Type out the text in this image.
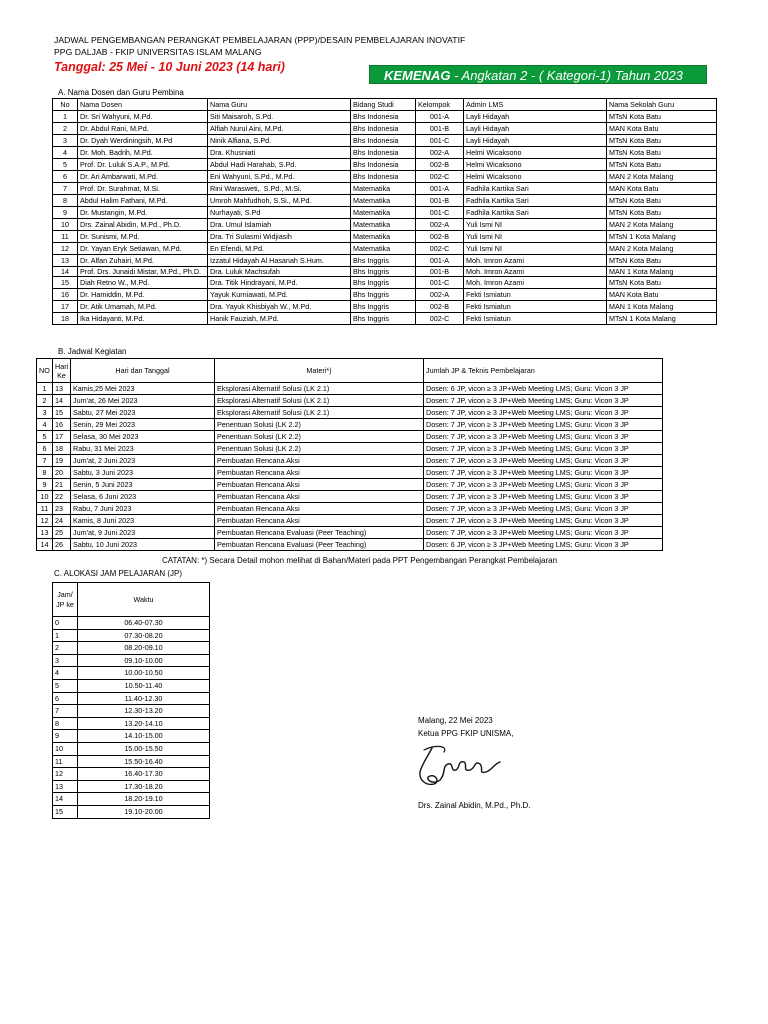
JADWAL PENGEMBANGAN PERANGKAT PEMBELAJARAN (PPP)/DESAIN PEMBELAJARAN INOVATIF
PPG DALJAB - FKIP UNIVERSITAS ISLAM MALANG
Tanggal: 25 Mei - 10 Juni 2023 (14 hari)
KEMENAG - Angkatan 2 - ( Kategori-1) Tahun 2023
A. Nama Dosen dan Guru Pembina
No	Nama Dosen	Nama Guru	Bidang Studi	Kelompok	Admin LMS	Nama Sekolah Guru
1	Dr. Sri Wahyuni, M.Pd.	Siti Maisaroh, S.Pd.	Bhs Indonesia	001-A	Layli Hidayah	MTsN Kota Batu
2	Dr. Abdul Rani, M.Pd.	Alfiah Nurul Aini, M.Pd.	Bhs Indonesia	001-B	Layli Hidayah	MAN Kota Batu
3	Dr. Dyah Werdiningsih, M.Pd	Ninik Alfiana, S.Pd.	Bhs Indonesia	001-C	Layli Hidayah	MTsN Kota Batu
4	Dr. Moh. Badrih, M.Pd.	Dra. Khusniati	Bhs Indonesia	002-A	Helmi Wicaksono	MTsN Kota Batu
5	Prof. Dr. Luluk S.A.P., M.Pd.	Abdul Hadi Harahab, S.Pd.	Bhs Indonesia	002-B	Helmi Wicaksono	MTsN Kota Batu
6	Dr. Ari Ambarwati, M.Pd.	Eni Wahyuni, S.Pd., M.Pd.	Bhs Indonesia	002-C	Helmi Wicaksono	MAN 2 Kota Malang
7	Prof. Dr. Surahmat, M.Si.	Rini Warasweti,. S.Pd., M.Si.	Matematika	001-A	Fadhila Kartika Sari	MAN Kota Batu
8	Abdul Halim Fathani, M.Pd.	Umroh Mahfudhoh, S.Si., M.Pd.	Matematika	001-B	Fadhila Kartika Sari	MTsN Kota Batu
9	Dr. Mustangin, M.Pd.	Nurhayati, S.Pd	Matematika	001-C	Fadhila Kartika Sari	MTsN Kota Batu
10	Drs. Zainal Abidin, M.Pd., Ph.D.	Dra. Umul Islamiah	Matematika	002-A	Yuli Ismi NI	MAN 2 Kota Malang
11	Dr. Sunismi, M.Pd.	Dra. Tri Sulasmi Widjiasih	Matematika	002-B	Yuli Ismi NI	MTsN 1 Kota Malang
12	Dr. Yayan Eryk Setiawan, M.Pd.	En Efendi, M.Pd.	Matematika	002-C	Yuli Ismi NI	MAN 2 Kota Malang
13	Dr. Alfan Zuhairi, M.Pd.	Izzatul Hidayah Al Hasanah S.Hum.	Bhs Inggris	001-A	Moh. Imron Azami	MTsN Kota Batu
14	Prof. Drs. Junaidi Mistar, M.Pd., Ph.D.	Dra. Luluk Machsufah	Bhs Inggris	001-B	Moh. Imron Azami	MAN 1 Kota Malang
15	Diah Retno W., M.Pd.	Dra. Titik Hindrayani, M.Pd.	Bhs Inggris	001-C	Moh. Imron Azami	MTsN Kota Batu
16	Dr. Hamiddin, M.Pd.	Yayuk Kurniawati, M.Pd.	Bhs Inggris	002-A	Fekti Ismiatun	MAN Kota Batu
17	Dr. Atik Umamah, M.Pd.	Dra. Yayuk Khisbiyah W., M.Pd.	Bhs Inggris	002-B	Fekti Ismiatun	MAN 1 Kota Malang
18	Ika Hidayanti, M.Pd.	Hanik Fauziah, M.Pd.	Bhs Inggris	002-C	Fekti Ismiatun	MTsN 1 Kota Malang
B. Jadwal Kegiatan
NO	Hari Ke	Hari dan Tanggal	Materi*)	Jumlah JP & Teknis Pembelajaran
1	13	Kamis,25 Mei 2023	Eksplorasi Alternatif Solusi (LK 2.1)	Dosen: 6 JP, vicon ≥ 3 JP+Web Meeting LMS; Guru: Vicon 3 JP
2	14	Jum'at, 26 Mei 2023	Eksplorasi Alternatif Solusi (LK 2.1)	Dosen: 7 JP, vicon ≥ 3 JP+Web Meeting LMS; Guru: Vicon 3 JP
3	15	Sabtu, 27 Mei 2023	Eksplorasi Alternatif Solusi (LK 2.1)	Dosen: 7 JP, vicon ≥ 3 JP+Web Meeting LMS; Guru: Vicon 3 JP
4	16	Senin, 29 Mei 2023	Penentuan Solusi (LK 2.2)	Dosen: 7 JP, vicon ≥ 3 JP+Web Meeting LMS; Guru: Vicon 3 JP
5	17	Selasa, 30 Mei 2023	Penentuan Solusi (LK 2.2)	Dosen: 7 JP, vicon ≥ 3 JP+Web Meeting LMS; Guru: Vicon 3 JP
6	18	Rabu, 31 Mei 2023	Penentuan Solusi (LK 2.2)	Dosen: 7 JP, vicon ≥ 3 JP+Web Meeting LMS; Guru: Vicon 3 JP
7	19	Jum'at, 2 Juni 2023	Pembuatan Rencana Aksi	Dosen: 7 JP, vicon ≥ 3 JP+Web Meeting LMS; Guru: Vicon 3 JP
8	20	Sabtu, 3 Juni 2023	Pembuatan Rencana Aksi	Dosen: 7 JP, vicon ≥ 3 JP+Web Meeting LMS; Guru: Vicon 3 JP
9	21	Senin, 5 Juni 2023	Pembuatan Rencana Aksi	Dosen: 7 JP, vicon ≥ 3 JP+Web Meeting LMS; Guru: Vicon 3 JP
10	22	Selasa, 6 Juni 2023	Pembuatan Rencana Aksi	Dosen: 7 JP, vicon ≥ 3 JP+Web Meeting LMS; Guru: Vicon 3 JP
11	23	Rabu, 7 Juni 2023	Pembuatan Rencana Aksi	Dosen: 7 JP, vicon ≥ 3 JP+Web Meeting LMS; Guru: Vicon 3 JP
12	24	Kamis, 8 Juni 2023	Pembuatan Rencana Aksi	Dosen: 7 JP, vicon ≥ 3 JP+Web Meeting LMS; Guru: Vicon 3 JP
13	25	Jum'at, 9 Juni 2023	Pembuatan Rencana Evaluasi (Peer Teaching)	Dosen: 7 JP, vicon ≥ 3 JP+Web Meeting LMS; Guru: Vicon 3 JP
14	26	Sabtu, 10 Juni 2023	Pembuatan Rencana Evaluasi (Peer Teaching)	Dosen: 6 JP, vicon ≥ 3 JP+Web Meeting LMS; Guru: Vicon 3 JP
CATATAN: *) Secara Detail mohon melihat di Bahan/Materi pada PPT Pengembangan Perangkat Pembelajaran
C. ALOKASI JAM PELAJARAN (JP)
Jam/ JP ke	Waktu
0	06.40-07.30
1	07.30-08.20
2	08.20-09.10
3	09.10-10.00
4	10.00-10.50
5	10.50-11.40
6	11.40-12.30
7	12.30-13.20
8	13.20-14.10
9	14.10-15.00
10	15.00-15.50
11	15.50-16.40
12	16.40-17.30
13	17.30-18.20
14	18.20-19.10
15	19.10-20.00
Malang, 22 Mei 2023
Ketua PPG FKIP UNISMA,
Drs. Zainal Abidin, M.Pd., Ph.D.
